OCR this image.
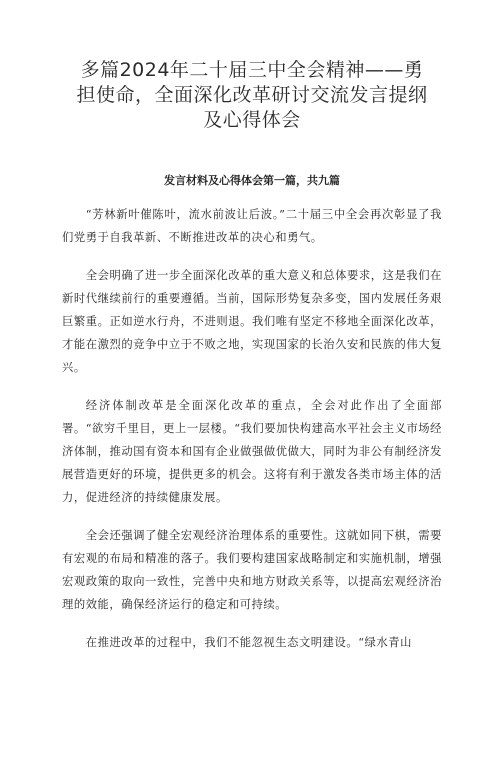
多篇2024年二十届三中全会精神——勇担使命，全面深化改革研讨交流发言提纲及心得体会
发言材料及心得体会第一篇，共九篇

“芳林新叶催陈叶，流水前波让后波。”二十届三中全会再次彰显了我们党勇于自我革新、不断推进改革的决心和勇气。

全会明确了进一步全面深化改革的重大意义和总体要求，这是我们在新时代继续前行的重要遵循。当前，国际形势复杂多变，国内发展任务艰巨繁重。正如逆水行舟，不进则退。我们唯有坚定不移地全面深化改革，才能在激烈的竞争中立于不败之地，实现国家的长治久安和民族的伟大复兴。

经济体制改革是全面深化改革的重点，全会对此作出了全面部署。“欲穷千里目，更上一层楼。“我们要加快构建高水平社会主义市场经济体制，推动国有资本和国有企业做强做优做大，同时为非公有制经济发展营造更好的环境，提供更多的机会。这将有利于激发各类市场主体的活力，促进经济的持续健康发展。

全会还强调了健全宏观经济治理体系的重要性。这就如同下棋，需要有宏观的布局和精准的落子。我们要构建国家战略制定和实施机制，增强宏观政策的取向一致性，完善中央和地方财政关系等，以提高宏观经济治理的效能，确保经济运行的稳定和可持续。

在推进改革的过程中，我们不能忽视生态文明建设。“绿水青山
